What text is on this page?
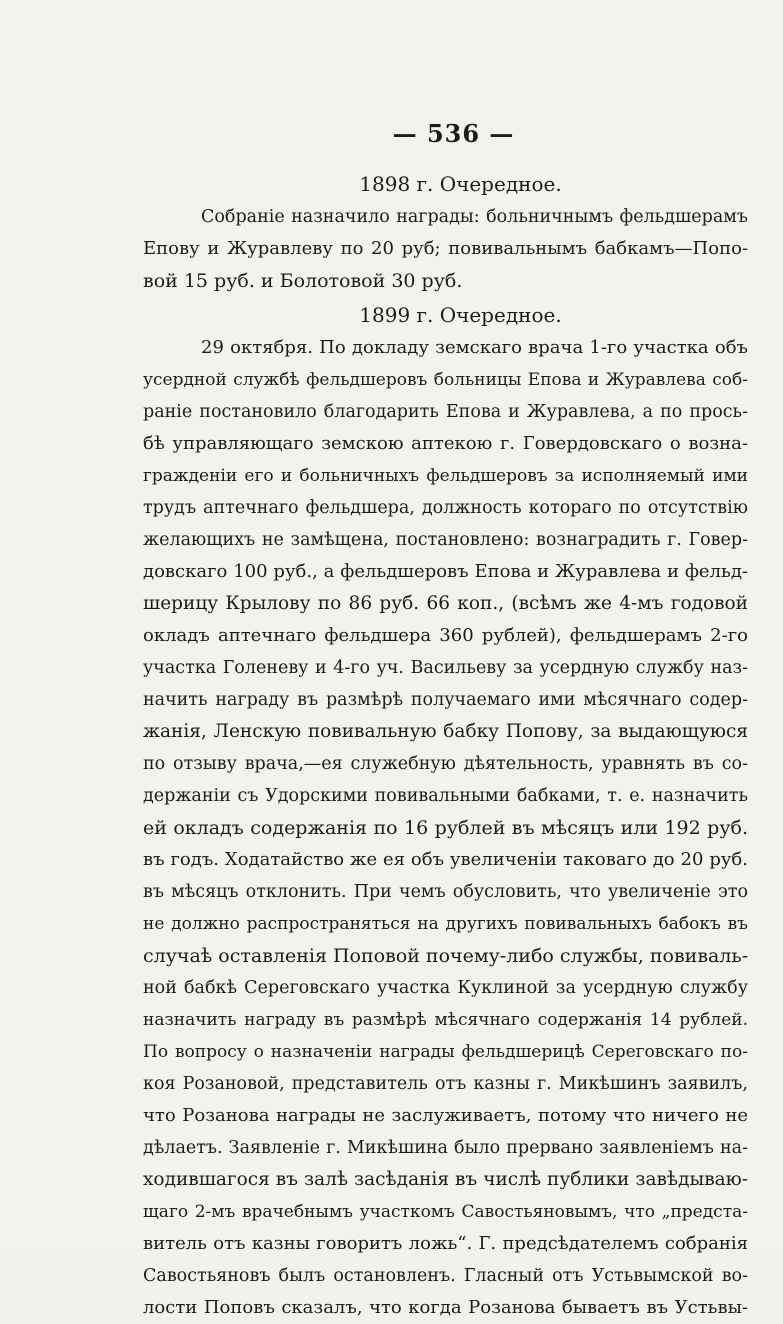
— 536 —

1898 г. Очередное.

Собраніе назначило награды: больничнымъ фельдшерамъ
Епову и Журавлеву по 20 руб; повивальнымъ бабкамъ—Попо-
вой 15 руб. и Болотовой 30 руб.

1899 г. Очередное.

29 октября. По докладу земскаго врача 1-го участка объ
усердной службѣ фельдшеровъ больницы Епова и Журавлева соб-
раніе постановило благодарить Епова и Журавлева, а по прось-
бѣ управляющаго земскою аптекою г. Говердовскаго о возна-
гражденіи его и больничныхъ фельдшеровъ за исполняемый ими
трудъ аптечнаго фельдшера, должность котораго по отсутствію
желающихъ не замѣщена, постановлено: вознаградить г. Говер-
довскаго 100 руб., а фельдшеровъ Епова и Журавлева и фельд-
шерицу Крылову по 86 руб. 66 коп., (всѣмъ же 4-мъ годовой
окладъ аптечнаго фельдшера 360 рублей), фельдшерамъ 2-го
участка Голеневу и 4-го уч. Васильеву за усердную службу наз-
начить награду въ размѣрѣ получаемаго ими мѣсячнаго содер-
жанія, Ленскую повивальную бабку Попову, за выдающуюся
по отзыву врача,—ея служебную дѣятельность, уравнять въ со-
держаніи съ Удорскими повивальными бабками, т. е. назначить
ей окладъ содержанія по 16 рублей въ мѣсяцъ или 192 руб.
въ годъ. Ходатайство же ея объ увеличеніи таковаго до 20 руб.
въ мѣсяцъ отклонить. При чемъ обусловить, что увеличеніе это
не должно распространяться на другихъ повивальныхъ бабокъ въ
случаѣ оставленія Поповой почему-либо службы, повиваль-
ной бабкѣ Сереговскаго участка Куклиной за усердную службу
назначить награду въ размѣрѣ мѣсячнаго содержанія 14 рублей.
По вопросу о назначеніи награды фельдшерицѣ Сереговскаго по-
коя Розановой, представитель отъ казны г. Микѣшинъ заявилъ,
что Розанова награды не заслуживаетъ, потому что ничего не
дѣлаетъ. Заявленіе г. Микѣшина было прервано заявленіемъ на-
ходившагося въ залѣ засѣданія въ числѣ публики завѣдываю-
щаго 2-мъ врачебнымъ участкомъ Савостьяновымъ, что „предста-
витель отъ казны говоритъ ложь“. Г. предсѣдателемъ собранія
Савостьяновъ былъ остановленъ. Гласный отъ Устьвымской во-
лости Поповъ сказалъ, что когда Розанова бываетъ въ Устьвы-
